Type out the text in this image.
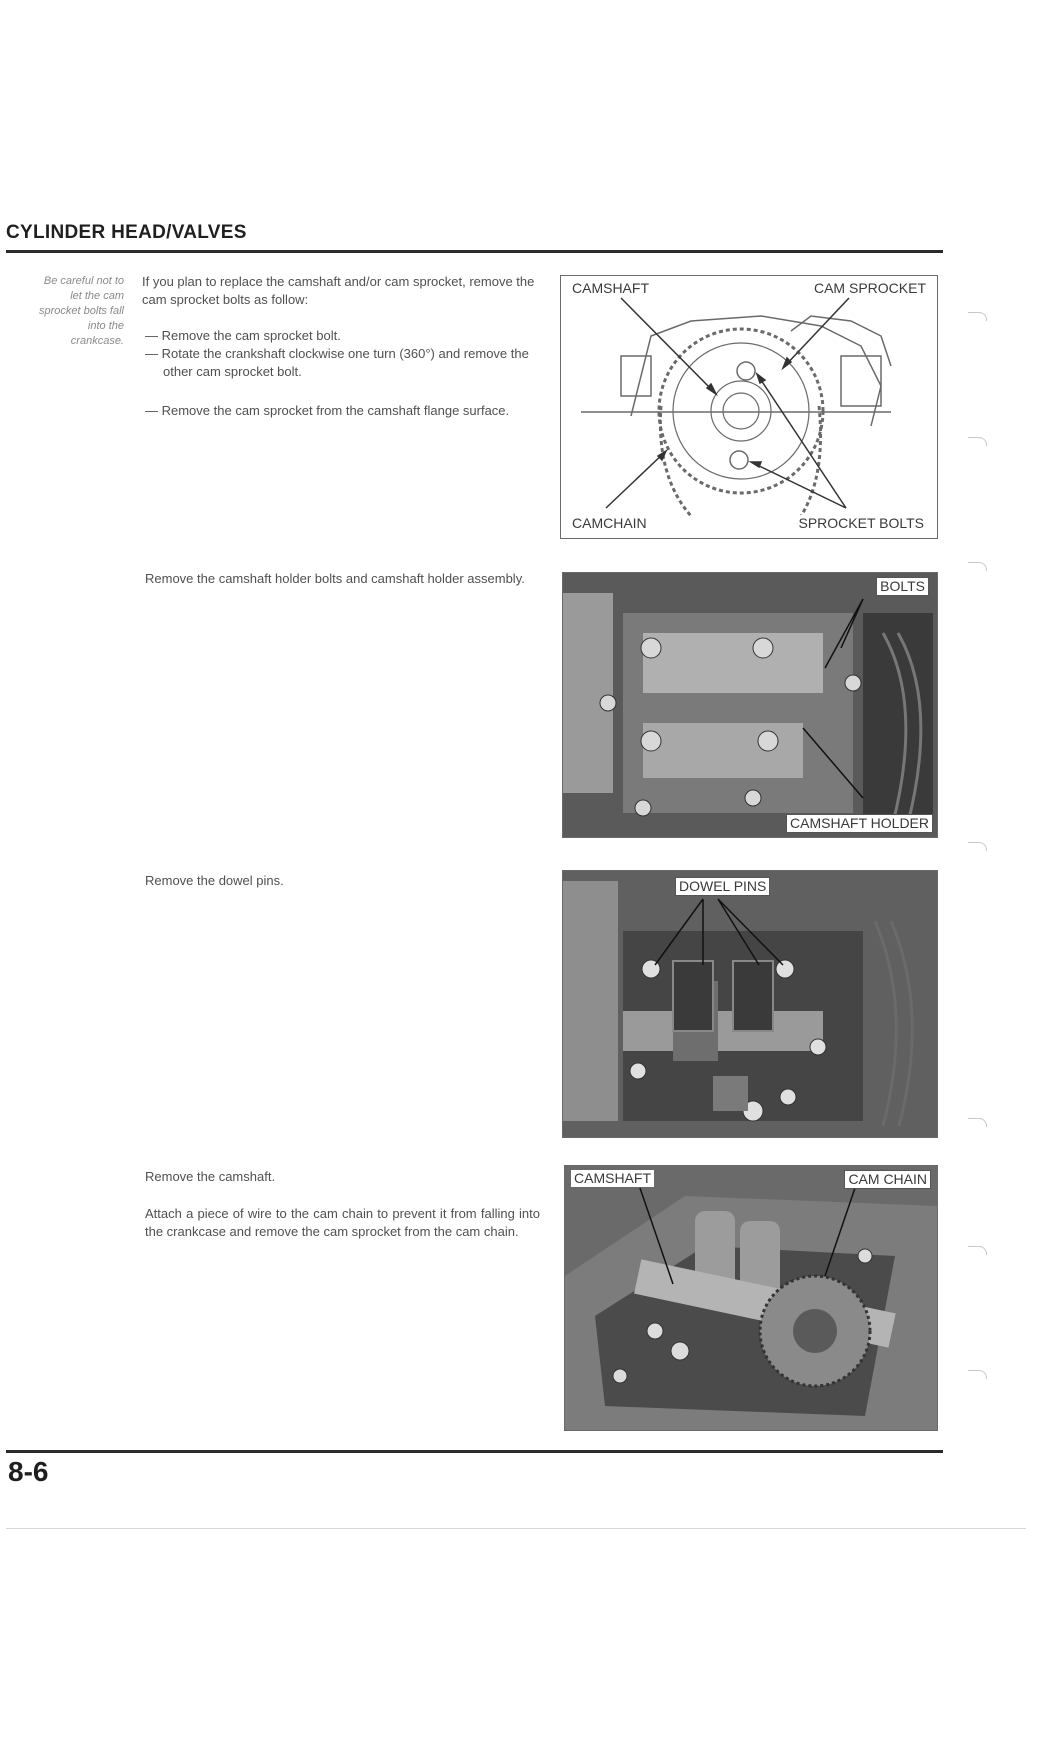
CYLINDER HEAD/VALVES
Be careful not to
let the cam
sprocket bolts fall
into the
crankcase.
If you plan to replace the camshaft and/or cam sprocket, remove the cam sprocket bolts as follow:
— Remove the cam sprocket bolt.
— Rotate the crankshaft clockwise one turn (360°) and remove the other cam sprocket bolt.
— Remove the cam sprocket from the camshaft flange surface.
CAMSHAFT	CAM SPROCKET
CAMCHAIN	SPROCKET BOLTS
Remove the camshaft holder bolts and camshaft holder assembly.	BOLTS
CAMSHAFT HOLDER
Remove the dowel pins.	DOWEL PINS
Remove the camshaft.
Attach a piece of wire to the cam chain to prevent it from falling into the crankcase and remove the cam sprocket from the cam chain.
CAMSHAFT	CAM CHAIN
8-6
